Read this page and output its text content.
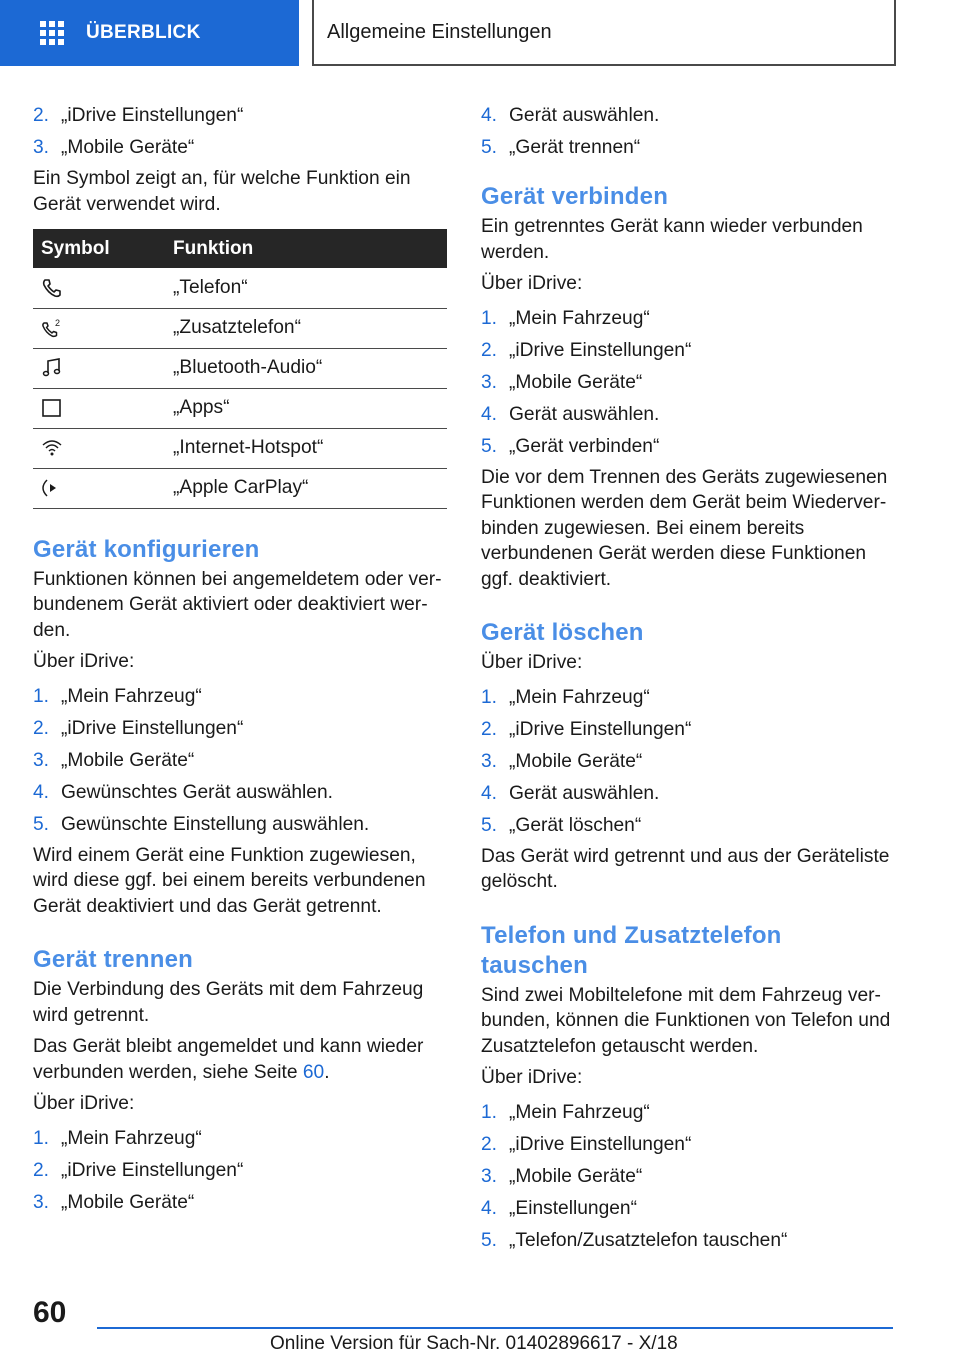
ÜBERBLICK	Allgemeine Einstellungen
2. „iDrive Einstellungen“
3. „Mobile Geräte“

Ein Symbol zeigt an, für welche Funktion ein Gerät verwendet wird.

Symbol	Funktion

	„Telefon“

2	„Zusatztelefon“

	„Bluetooth-Audio“

	„Apps“

	„Internet-Hotspot“

	„Apple CarPlay“
Gerät konfigurieren

Funktionen können bei angemeldetem oder verbundenem Gerät aktiviert oder deaktiviert werden.

Über iDrive:

1. „Mein Fahrzeug“
2. „iDrive Einstellungen“
3. „Mobile Geräte“
4. Gewünschtes Gerät auswählen.
5. Gewünschte Einstellung auswählen.

Wird einem Gerät eine Funktion zugewiesen, wird diese ggf. bei einem bereits verbundenen Gerät deaktiviert und das Gerät getrennt.

Gerät trennen

Die Verbindung des Geräts mit dem Fahrzeug wird getrennt.

Das Gerät bleibt angemeldet und kann wieder verbunden werden, siehe Seite 60.

Über iDrive:

1. „Mein Fahrzeug“
2. „iDrive Einstellungen“
3. „Mobile Geräte“
4. Gerät auswählen.
5. „Gerät trennen“
Gerät verbinden

Ein getrenntes Gerät kann wieder verbunden werden.

Über iDrive:

1. „Mein Fahrzeug“
2. „iDrive Einstellungen“
3. „Mobile Geräte“
4. Gerät auswählen.
5. „Gerät verbinden“

Die vor dem Trennen des Geräts zugewiesenen Funktionen werden dem Gerät beim Wiederverbinden zugewiesen. Bei einem bereits verbundenen Gerät werden diese Funktionen ggf. deaktiviert.

Gerät löschen

Über iDrive:

1. „Mein Fahrzeug“
2. „iDrive Einstellungen“
3. „Mobile Geräte“
4. Gerät auswählen.
5. „Gerät löschen“

Das Gerät wird getrennt und aus der Geräteliste gelöscht.

Telefon und Zusatztelefon tauschen

Sind zwei Mobiltelefone mit dem Fahrzeug verbunden, können die Funktionen von Telefon und Zusatztelefon getauscht werden.

Über iDrive:

1. „Mein Fahrzeug“
2. „iDrive Einstellungen“
3. „Mobile Geräte“
4. „Einstellungen“
5. „Telefon/Zusatztelefon tauschen“
60
Online Version für Sach-Nr. 01402896617 - X/18
